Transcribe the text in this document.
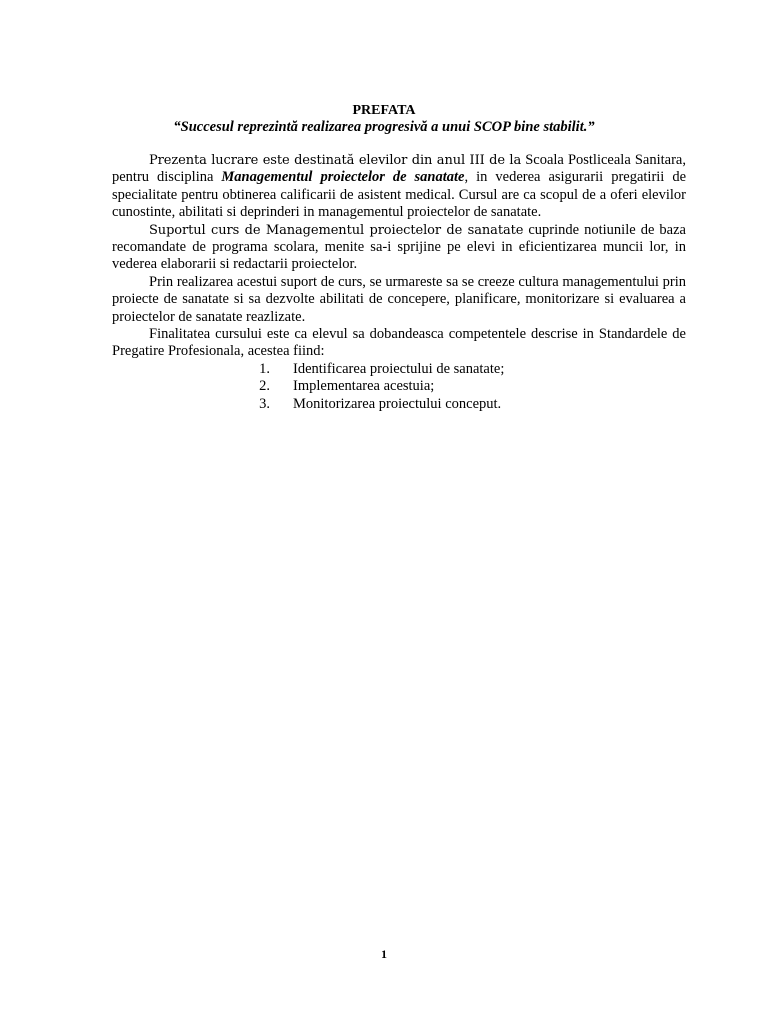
PREFATA
“Succesul reprezintă realizarea progresivă a unui SCOP bine stabilit.”

Prezenta lucrare este destinată elevilor din anul III de la Scoala Postliceala Sanitara, pentru disciplina Managementul proiectelor de sanatate, in vederea asigurarii pregatirii de specialitate pentru obtinerea calificarii de asistent medical. Cursul are ca scopul de a oferi elevilor cunostinte, abilitati si deprinderi in managementul proiectelor de sanatate.

Suportul curs de Managementul proiectelor de sanatate cuprinde notiunile de baza recomandate de programa scolara, menite sa-i sprijine pe elevi in eficientizarea muncii lor, in vederea elaborarii si redactarii proiectelor.

Prin realizarea acestui suport de curs, se urmareste sa se creeze cultura managementului prin proiecte de sanatate si sa dezvolte abilitati de concepere, planificare, monitorizare si evaluarea a proiectelor de sanatate reazlizate.

Finalitatea cursului este ca elevul sa dobandeasca competentele descrise in Standardele de Pregatire Profesionala, acestea fiind:

1. Identificarea proiectului de sanatate;
2. Implementarea acestuia;
3. Monitorizarea proiectului conceput.
1
